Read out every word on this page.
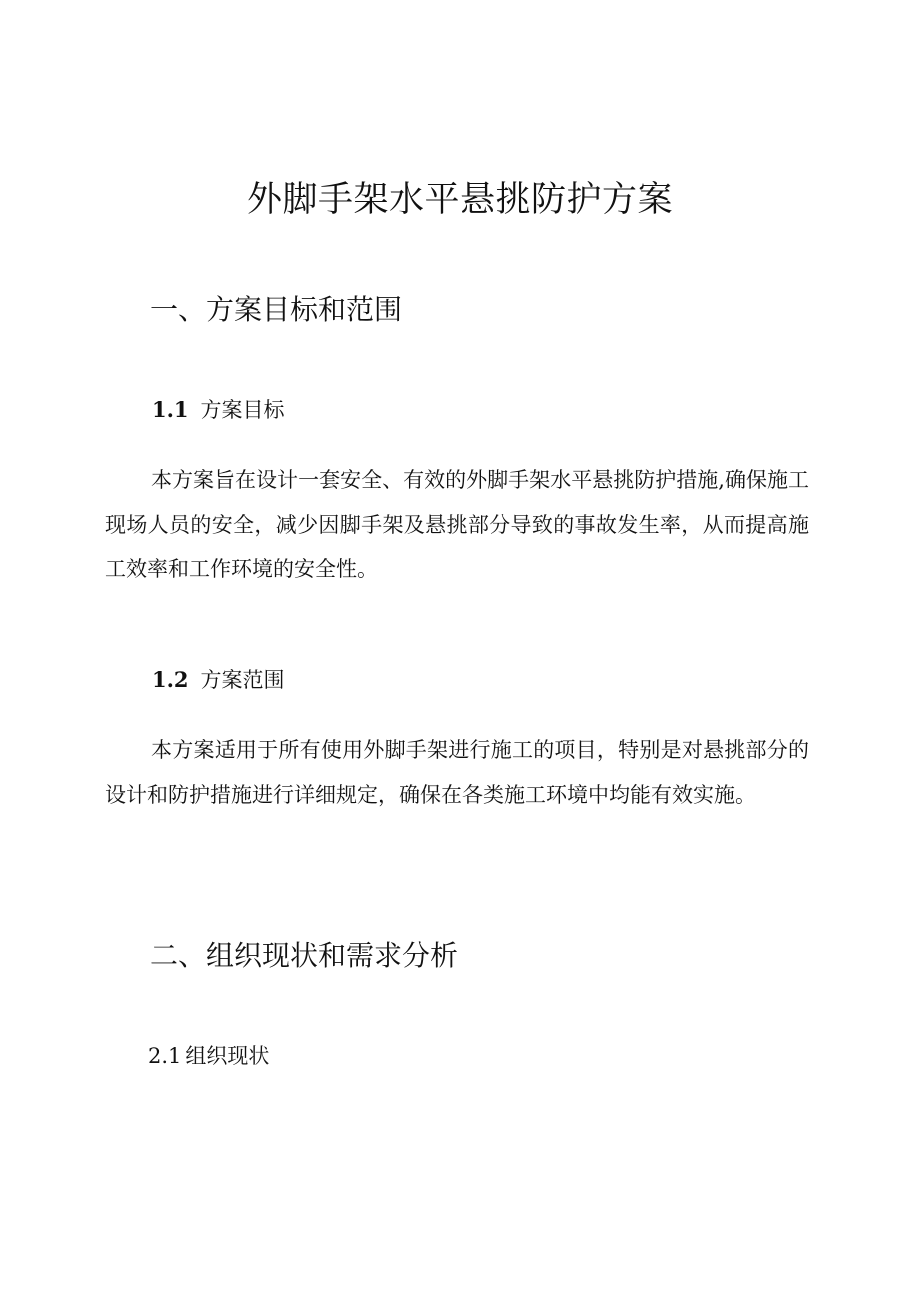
外脚手架水平悬挑防护方案
一、方案目标和范围
1.1 方案目标

本方案旨在设计一套安全、有效的外脚手架水平悬挑防护措施,确保施工现场人员的安全，减少因脚手架及悬挑部分导致的事故发生率，从而提高施工效率和工作环境的安全性。

1.2 方案范围

本方案适用于所有使用外脚手架进行施工的项目，特别是对悬挑部分的设计和防护措施进行详细规定，确保在各类施工环境中均能有效实施。

二、组织现状和需求分析
2.1 组织现状
